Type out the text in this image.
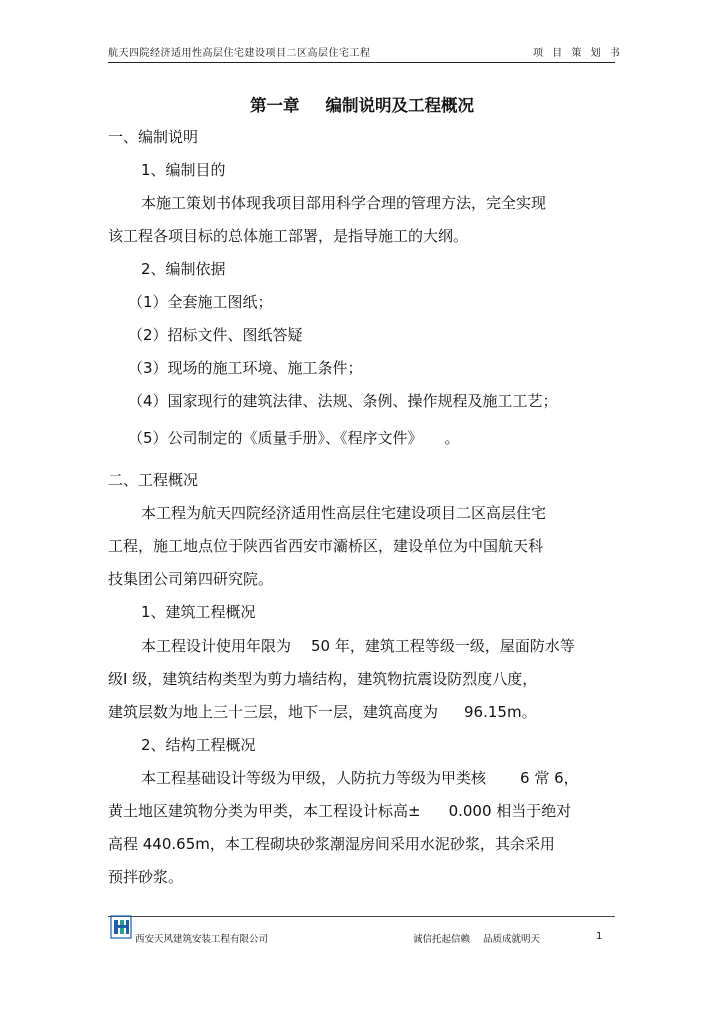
航天四院经济适用性高层住宅建设项目二区高层住宅工程	项 目 策 划 书
第一章 编制说明及工程概况
一、编制说明
1、编制目的
本施工策划书体现我项目部用科学合理的管理方法，完全实现
该工程各项目标的总体施工部署，是指导施工的大纲。
2、编制依据
（1）全套施工图纸；
（2）招标文件、图纸答疑
（3）现场的施工环境、施工条件；
（4）国家现行的建筑法律、法规、条例、操作规程及施工工艺；
（5）公司制定的《质量手册》、《程序文件》 。
二、工程概况
本工程为航天四院经济适用性高层住宅建设项目二区高层住宅
工程，施工地点位于陕西省西安市灞桥区，建设单位为中国航天科
技集团公司第四研究院。
1、建筑工程概况
本工程设计使用年限为 50 年，建筑工程等级一级，屋面防水等
级Ⅰ 级，建筑结构类型为剪力墙结构，建筑物抗震设防烈度八度，
建筑层数为地上三十三层，地下一层，建筑高度为 96.15m。
2、结构工程概况
本工程基础设计等级为甲级，人防抗力等级为甲类核 6 常 6，
黄土地区建筑物分类为甲类，本工程设计标高± 0.000 相当于绝对
高程 440.65m，本工程砌块砂浆潮湿房间采用水泥砂浆，其余采用
预拌砂浆。
西安天风建筑安装工程有限公司	诚信托起信赖 品质成就明天	1
